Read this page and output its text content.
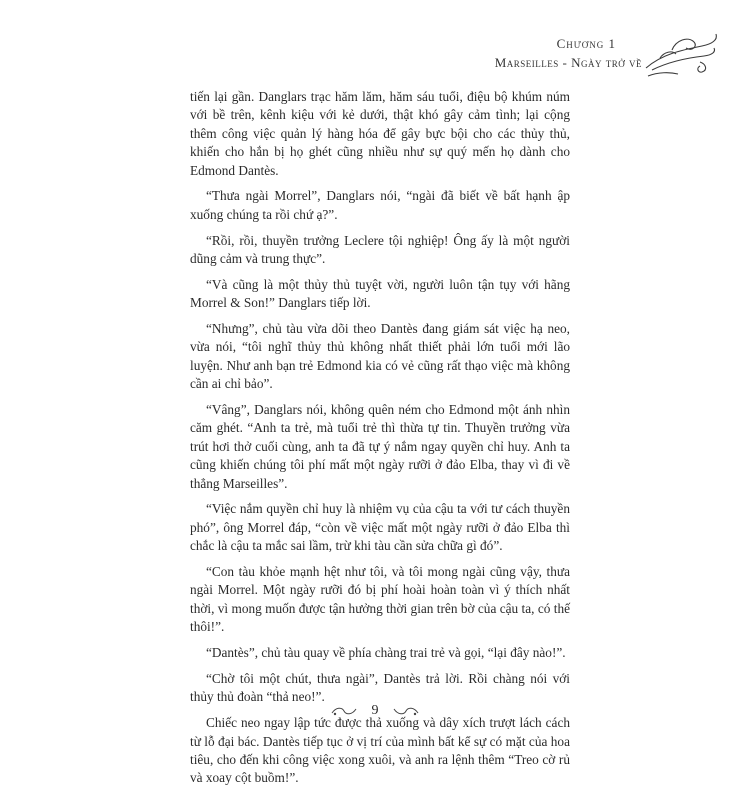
Chương 1
Marseilles - Ngày trở về

tiến lại gần. Danglars trạc hăm lăm, hăm sáu tuổi, điệu bộ khúm núm với bề trên, kênh kiệu với kẻ dưới, thật khó gây cảm tình; lại cộng thêm công việc quản lý hàng hóa để gây bực bội cho các thủy thủ, khiến cho hắn bị họ ghét cũng nhiều như sự quý mến họ dành cho Edmond Dantès.

“Thưa ngài Morrel”, Danglars nói, “ngài đã biết về bất hạnh ập xuống chúng ta rồi chứ ạ?”.

“Rồi, rồi, thuyền trưởng Leclere tội nghiệp! Ông ấy là một người dũng cảm và trung thực”.

“Và cũng là một thủy thủ tuyệt vời, người luôn tận tụy với hãng Morrel & Son!” Danglars tiếp lời.

“Nhưng”, chủ tàu vừa dõi theo Dantès đang giám sát việc hạ neo, vừa nói, “tôi nghĩ thủy thủ không nhất thiết phải lớn tuổi mới lão luyện. Như anh bạn trẻ Edmond kia có vẻ cũng rất thạo việc mà không cần ai chỉ bảo”.

“Vâng”, Danglars nói, không quên ném cho Edmond một ánh nhìn căm ghét. “Anh ta trẻ, mà tuổi trẻ thì thừa tự tin. Thuyền trưởng vừa trút hơi thở cuối cùng, anh ta đã tự ý nắm ngay quyền chỉ huy. Anh ta cũng khiến chúng tôi phí mất một ngày rưỡi ở đảo Elba, thay vì đi về thẳng Marseilles”.

“Việc nắm quyền chỉ huy là nhiệm vụ của cậu ta với tư cách thuyền phó”, ông Morrel đáp, “còn về việc mất một ngày rưỡi ở đảo Elba thì chắc là cậu ta mắc sai lầm, trừ khi tàu cần sửa chữa gì đó”.

“Con tàu khỏe mạnh hệt như tôi, và tôi mong ngài cũng vậy, thưa ngài Morrel. Một ngày rưỡi đó bị phí hoài hoàn toàn vì ý thích nhất thời, vì mong muốn được tận hưởng thời gian trên bờ của cậu ta, có thế thôi!”.

“Dantès”, chủ tàu quay về phía chàng trai trẻ và gọi, “lại đây nào!”.

“Chờ tôi một chút, thưa ngài”, Dantès trả lời. Rồi chàng nói với thủy thủ đoàn “thả neo!”.

Chiếc neo ngay lập tức được thả xuống và dây xích trượt lách cách từ lỗ đại bác. Dantès tiếp tục ở vị trí của mình bất kể sự có mặt của hoa tiêu, cho đến khi công việc xong xuôi, và anh ra lệnh thêm “Treo cờ rủ và xoay cột buồm!”.

9
